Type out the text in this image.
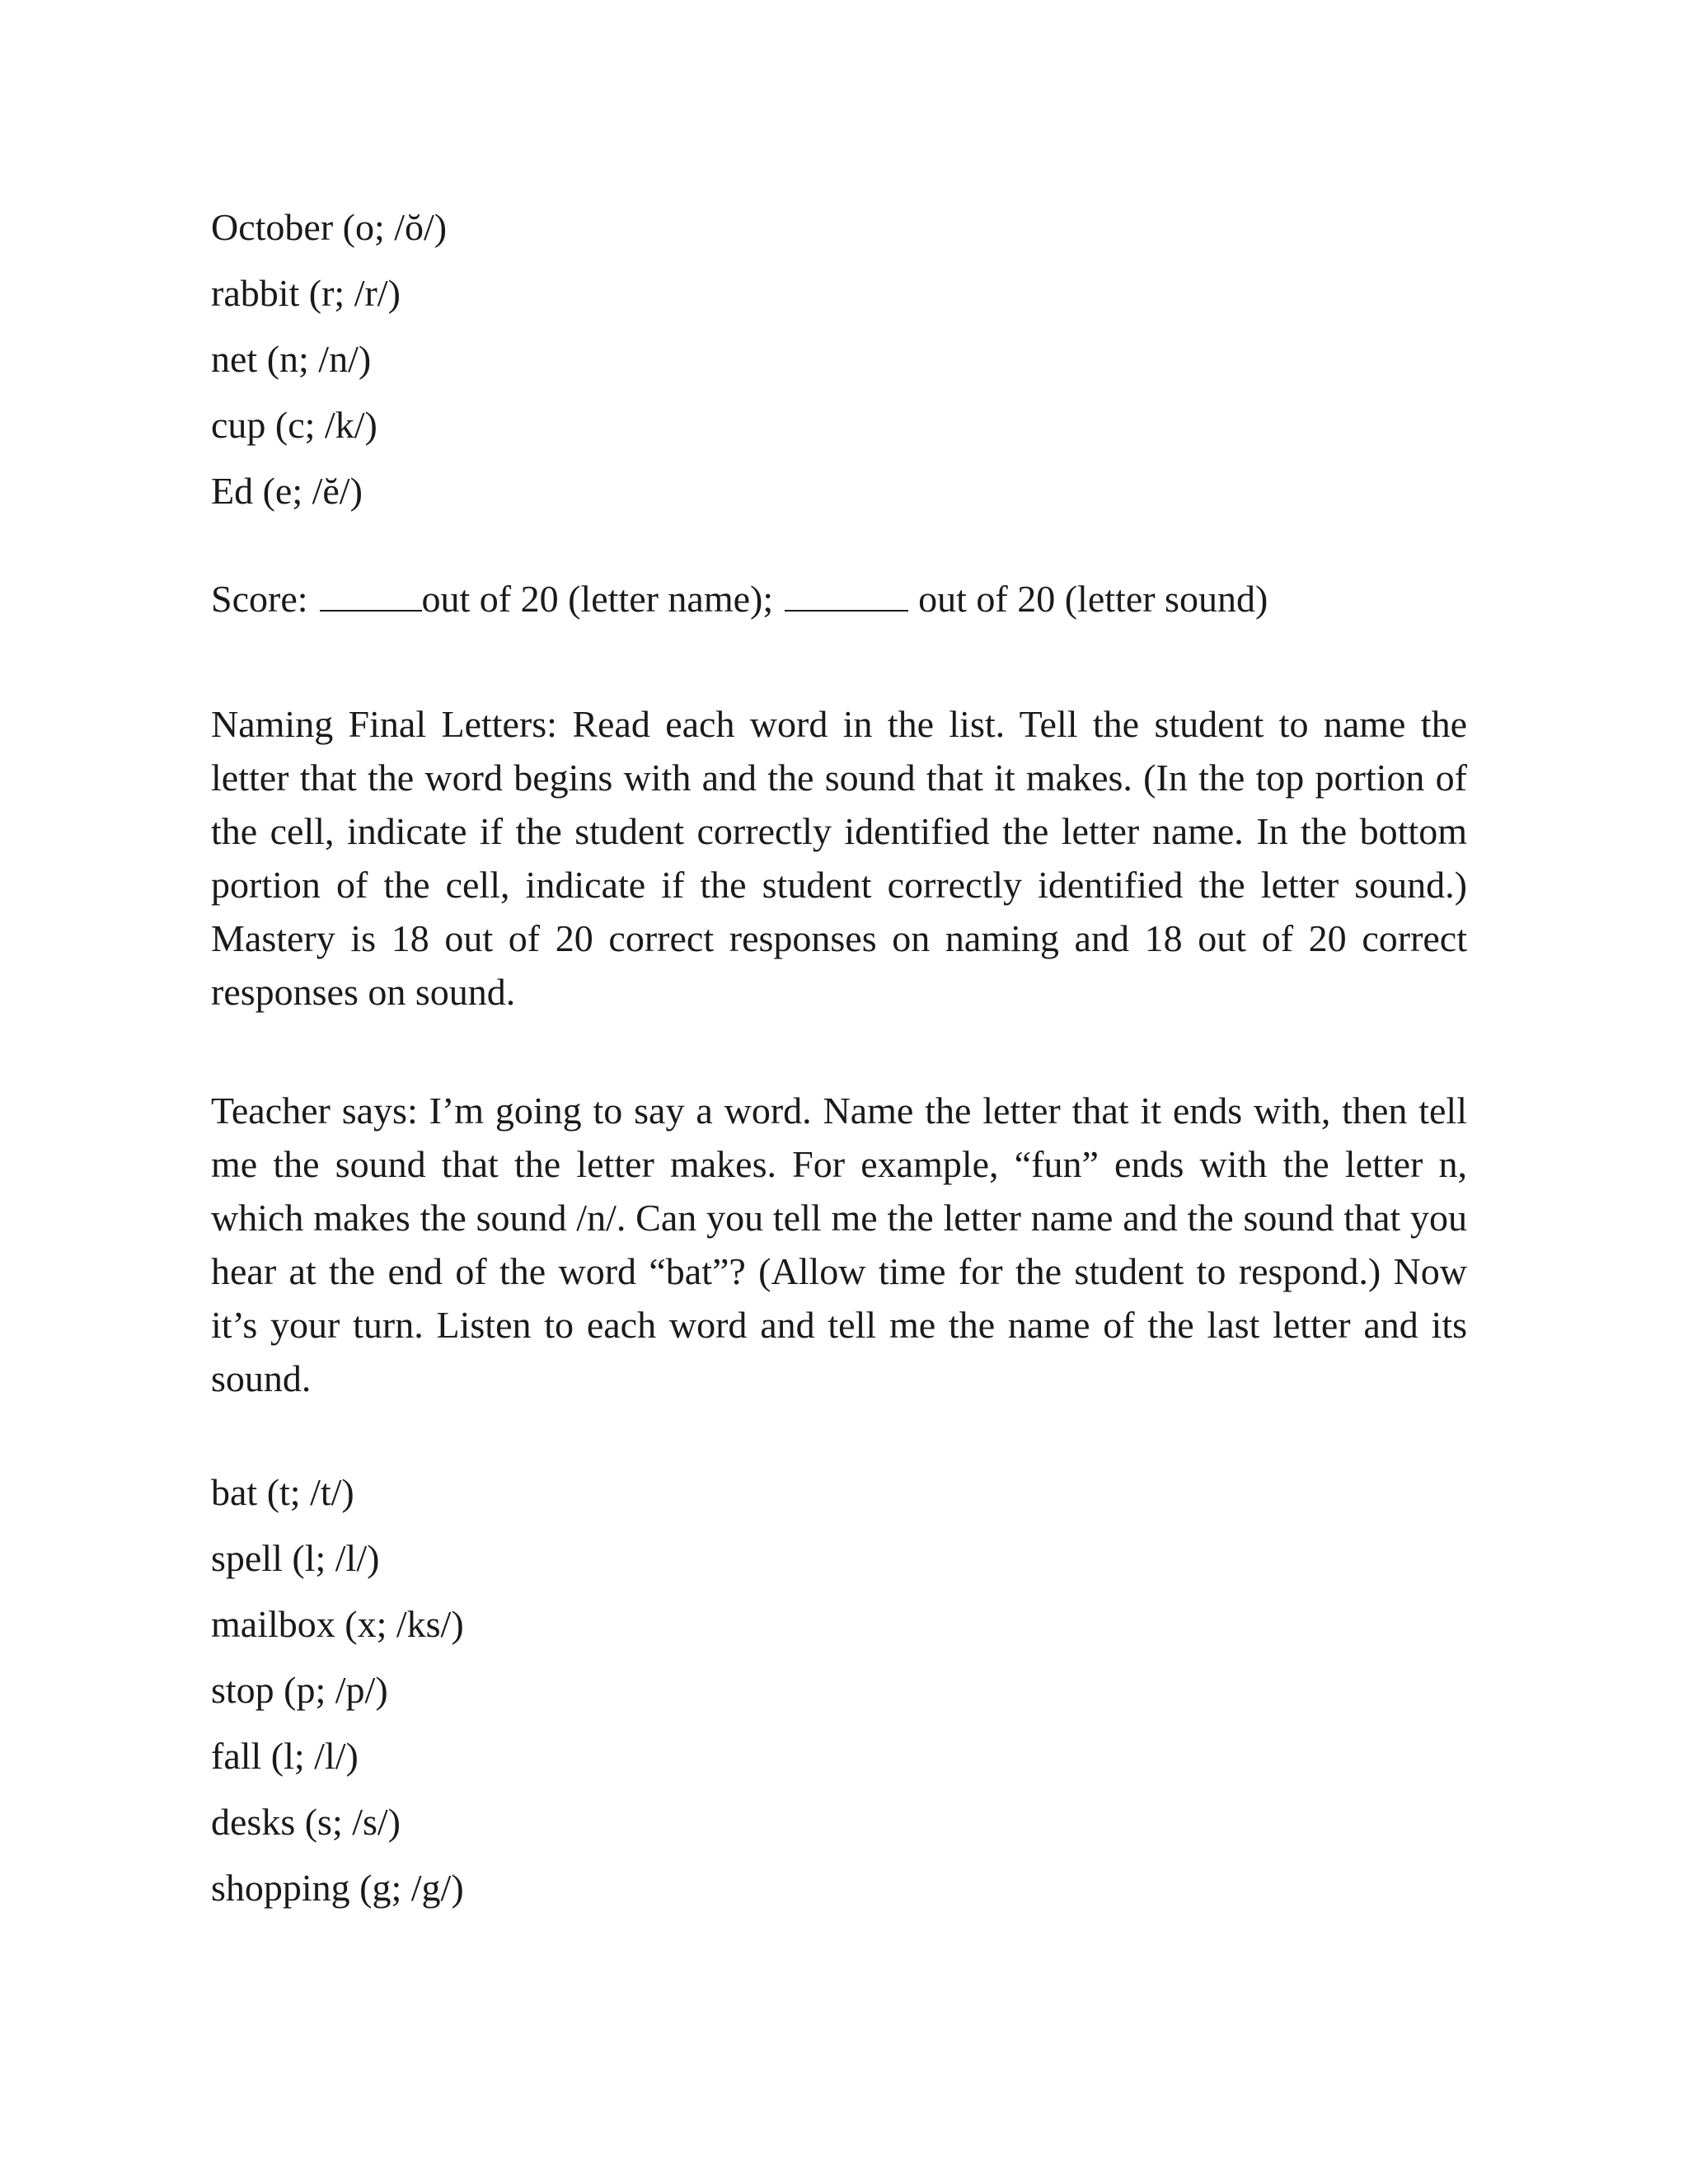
October (o; /ŏ/)
rabbit (r; /r/)
net (n; /n/)
cup (c; /k/)
Ed (e; /ĕ/)
Score:	out of 20 (letter name);	out of 20 (letter sound)

Naming Final Letters: Read each word in the list. Tell the student to name the letter that the word begins with and the sound that it makes. (In the top portion of the cell, indicate if the student correctly identified the letter name. In the bottom portion of the cell, indicate if the student correctly identified the letter sound.) Mastery is 18 out of 20 correct responses on naming and 18 out of 20 correct responses on sound.

Teacher says: I’m going to say a word. Name the letter that it ends with, then tell me the sound that the letter makes. For example, “fun” ends with the letter n, which makes the sound /n/. Can you tell me the letter name and the sound that you hear at the end of the word “bat”? (Allow time for the student to respond.) Now it’s your turn. Listen to each word and tell me the name of the last letter and its sound.

bat (t; /t/)
spell (l; /l/)
mailbox (x; /ks/)
stop (p; /p/)
fall (l; /l/)
desks (s; /s/)
shopping (g; /g/)
